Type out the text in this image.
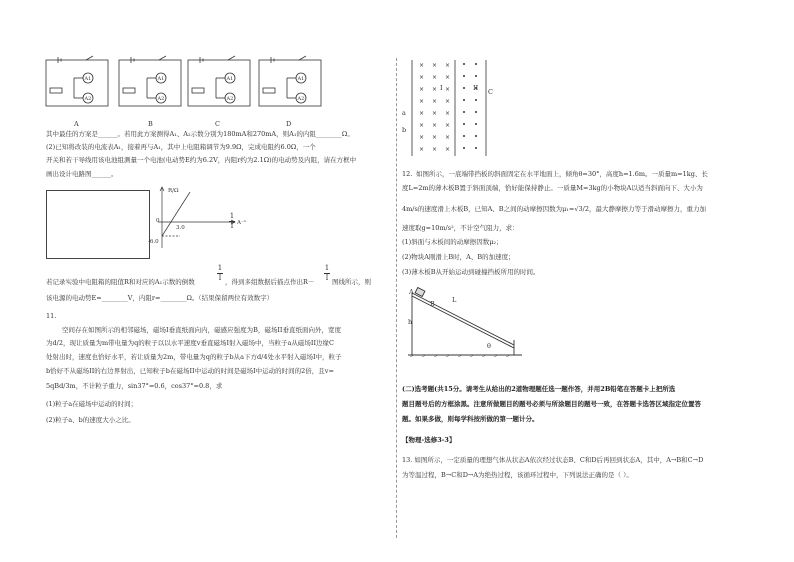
A1
A2
A1
A2
A1
A2
A1
A2
A	B	C	D
其中最佳的方案是______。若用此方案测得A₁、A₂示数分别为180mA和270mA，则A₁的内阻________Ω。
(2)已知将改装的电流表A₁，接着再与A₁，其中上电阻箱调节为9.9Ω，完成电阻约6.0Ω，一个
开关和若干导线用该电池组测量一个电池(电动势E约为6.2V，内阻r约为2.1Ω)的电动势及内阻，请在方框中
画出设计电路图______。
R/Ω
0
3.0
-6.0
1
I A⁻¹
若记录实验中电阻箱的阻值R和对应的A₁示数的倒数
1
I ，得到多组数据后描点作出R－
1
I 图线所示，则
该电源的电动势E=________V，内阻r=________Ω。（结果保留两位有效数字）
11.
空间存在如图所示的相邻磁场，磁场I垂直纸面向内，磁感应强度为B，磁场II垂直纸面向外，宽度
为d/2，现让质量为m带电量为q的粒子以以水平速度v垂直磁场I射入磁场中，当粒子a从磁场II边缘C
处射出时，速度也恰好水平，若让质量为2m，带电量为q的粒子b从a下方d/4处水平射入磁场I中，粒子
b恰好不从磁场II的右边界射出，已知粒子b在磁场II中运动的时间是磁场I中运动的时间的2倍，且v=
5qBd/3m，不计粒子重力，sin37°=0.6，cos37°=0.8，求
(1)粒子a在磁场中运动的时间；
(2)粒子a、b的速度大小之比。
× × ×
× × ×
× × ×
× × ×
× × ×
× × ×
× × ×
× × ×
I	II C
a
b
12. 如图所示，一底端带挡板的斜面固定在水平地面上，倾角θ=30°，高度h=1.6m。一质量m=1kg、长
度L=2m的薄木板B置于斜面顶端，恰好能保持静止。一质量M=3kg的小物块A以适当斜面向下、大小为
4m/s的速度滑上木板B，已知A、B之间的动摩擦因数为μ₁=√3/2，最大静摩擦力等于滑动摩擦力，重力加
速度取g=10m/s²，不计空气阻力，求：
(1)斜面与木板间的动摩擦因数μ₂；
(2)物块A刚滑上B时，A、B的加速度；
(3)薄木板B从开始运动到碰撞挡板所用的时间。
A
B	L
h
θ
(二)选考题(共15分。请考生从给出的2道物理题任选一题作答，并用2B铅笔在答题卡上把所选
题目题号后的方框涂黑。注意所做题目的题号必须与所涂题目的题号一致，在答题卡选答区域指定位置答
题。如果多做，则每学科按所做的第一题计分。
【物理-选修3-3】
13. 如图所示，一定质量的理想气体从状态A依次经过状态B、C和D后再回到状态A，其中，A→B和C→D
为等温过程，B→C和D→A为绝热过程，该循环过程中，下列说法正确的是（ ）。
